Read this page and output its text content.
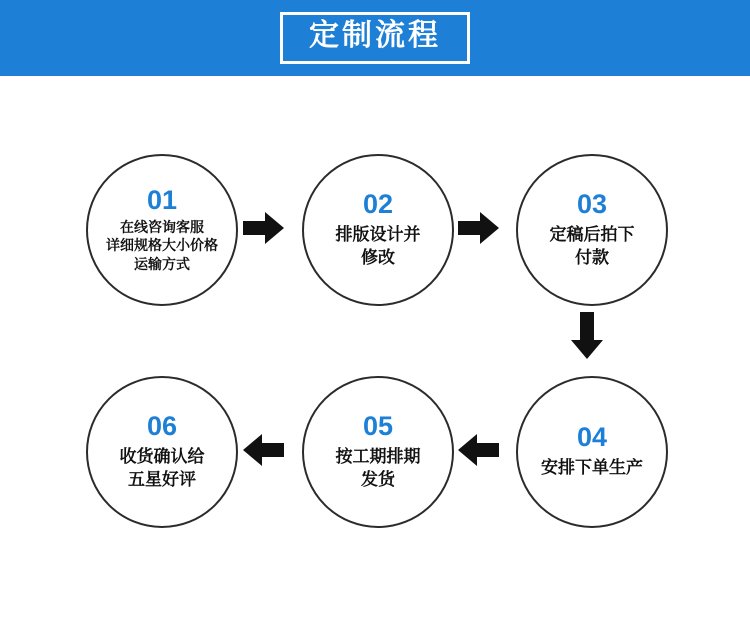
定制流程
01
在线咨询客服
详细规格大小价格
运输方式
02
排版设计并
修改
03
定稿后拍下
付款
04
安排下单生产
05
按工期排期
发货
06
收货确认给
五星好评
